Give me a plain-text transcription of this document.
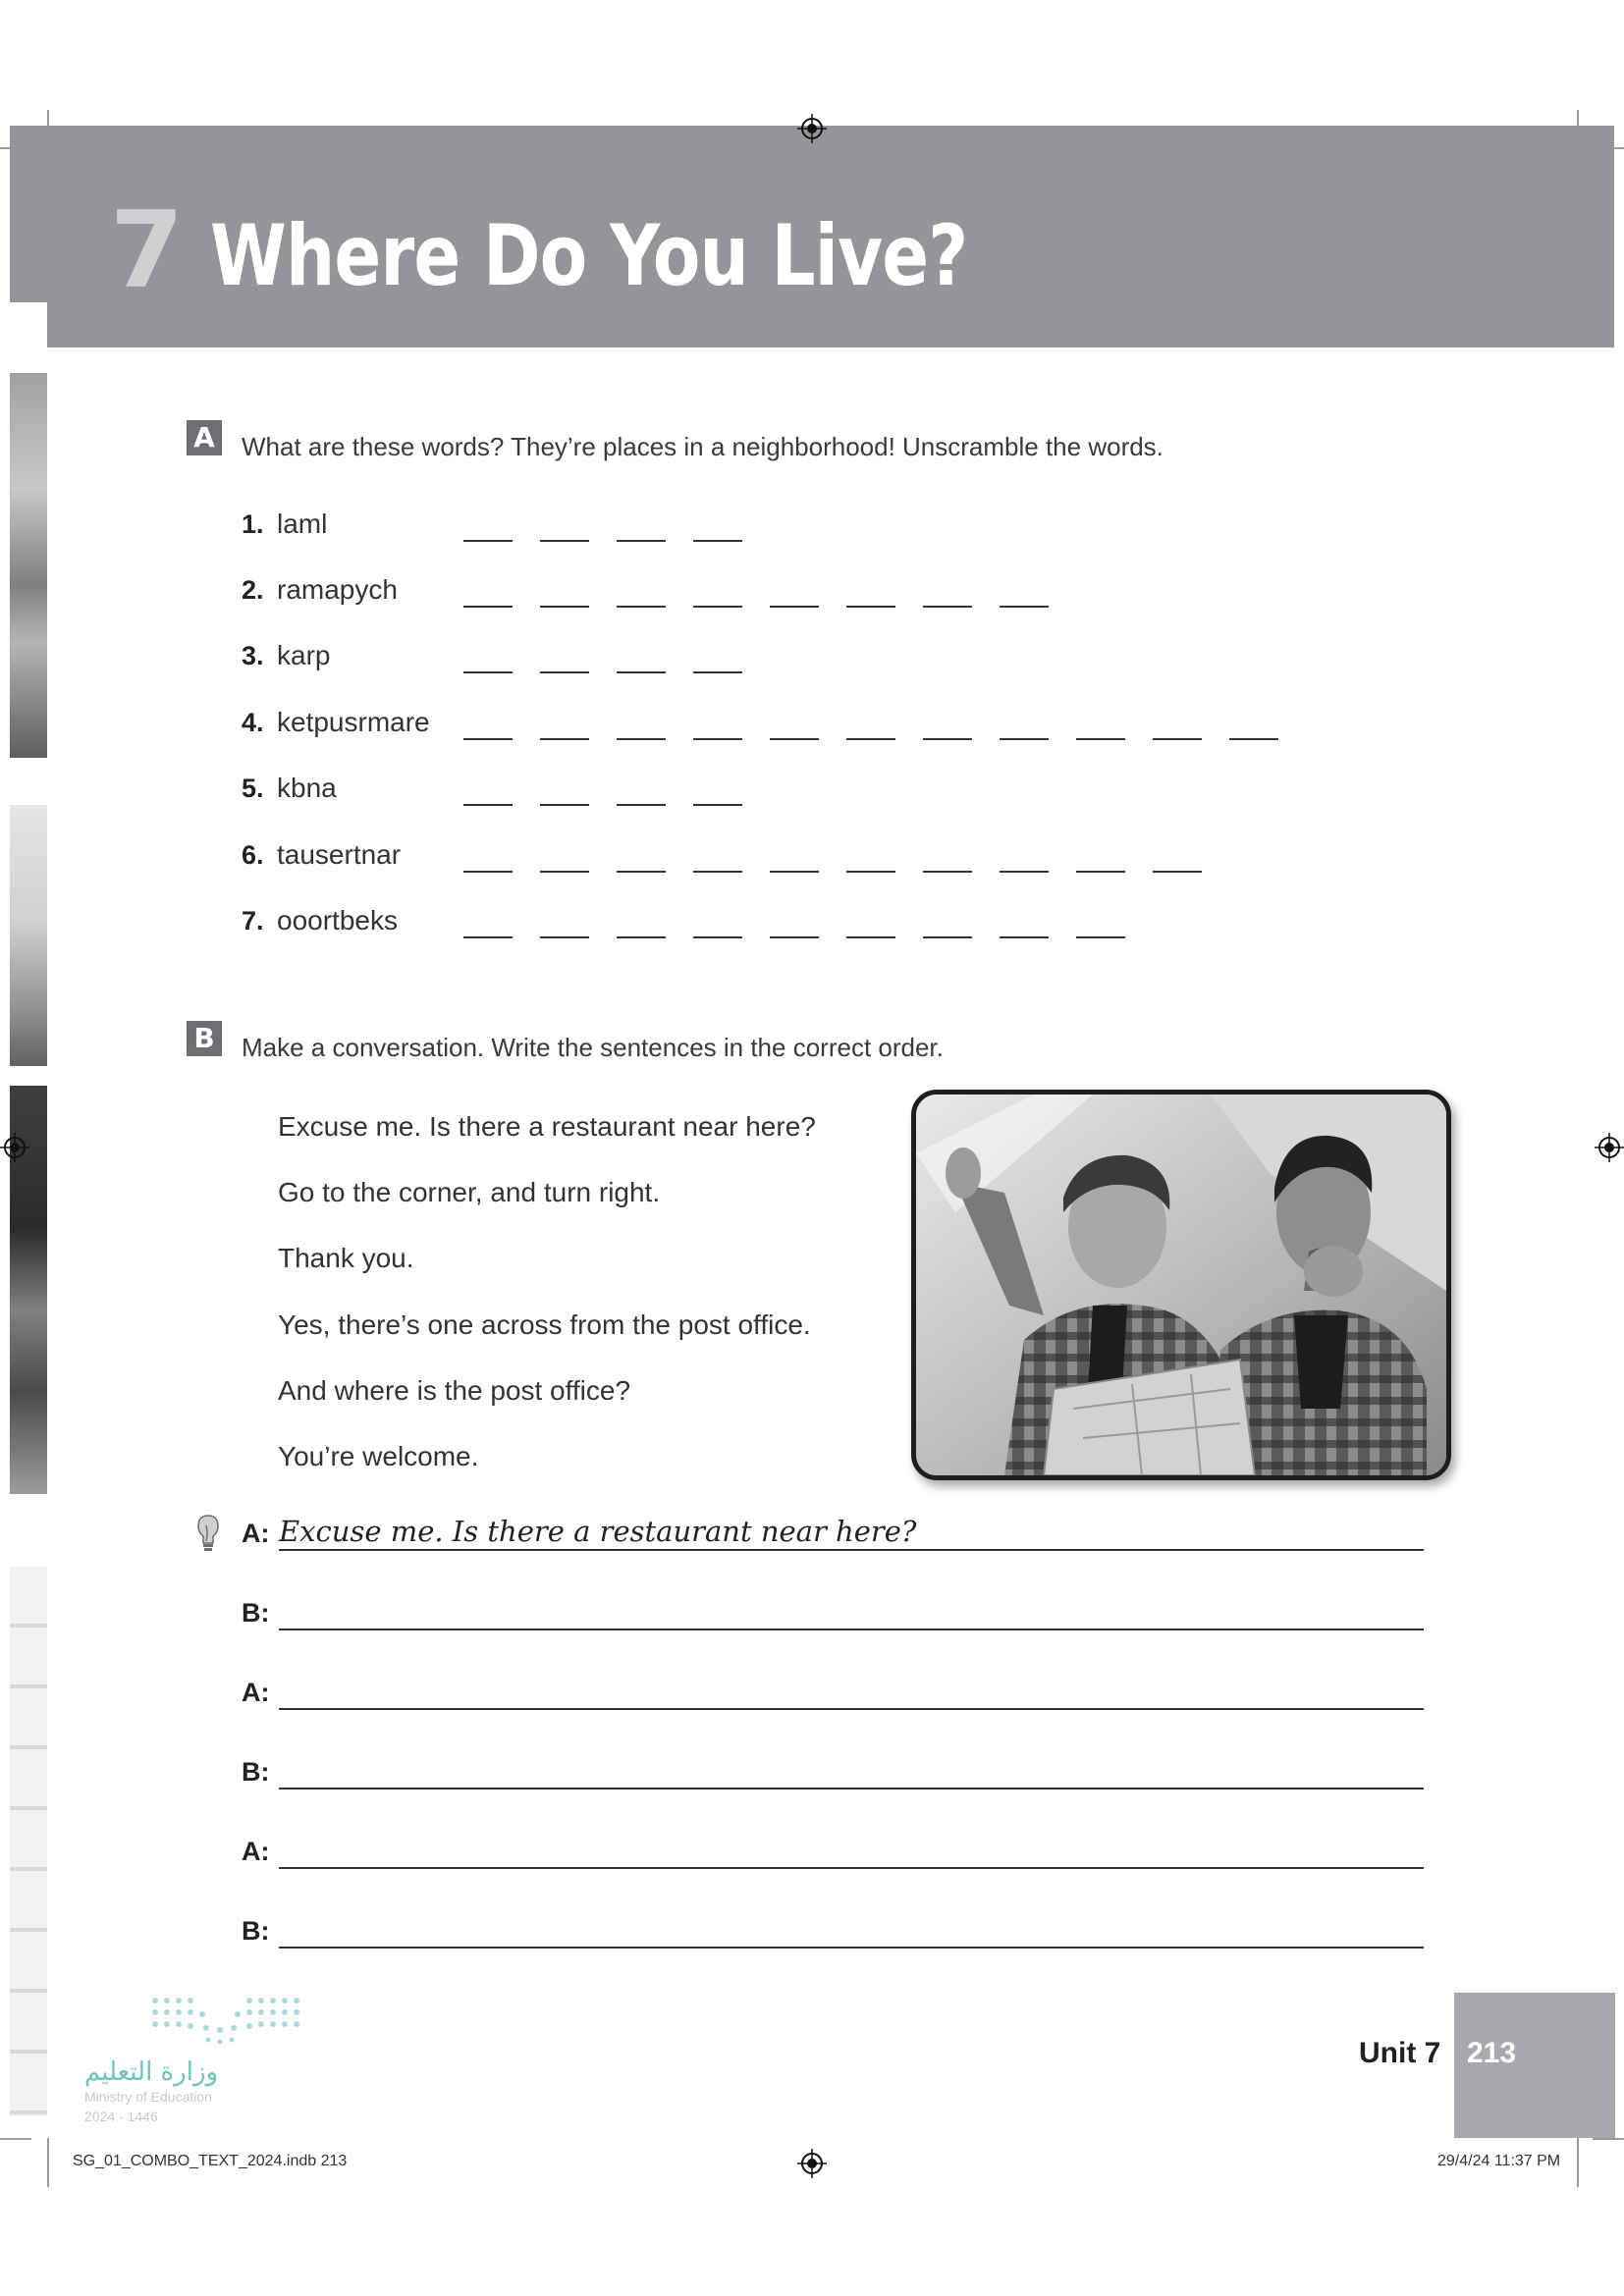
7 Where Do You Live?
A What are these words? They’re places in a neighborhood! Unscramble the words.
1. laml
2. ramapych
3. karp
4. ketpusrmare
5. kbna
6. tausertnar
7. ooortbeks
B Make a conversation. Write the sentences in the correct order.
Excuse me. Is there a restaurant near here?
Go to the corner, and turn right.
Thank you.
Yes, there’s one across from the post office.
And where is the post office?
You’re welcome.
A: Excuse me. Is there a restaurant near here?
B:
A:
B:
A:
B:
وزارة التعليم
Ministry of Education
2024 - 1446
Unit 7 213
SG_01_COMBO_TEXT_2024.indb 213	29/4/24 11:37 PM
